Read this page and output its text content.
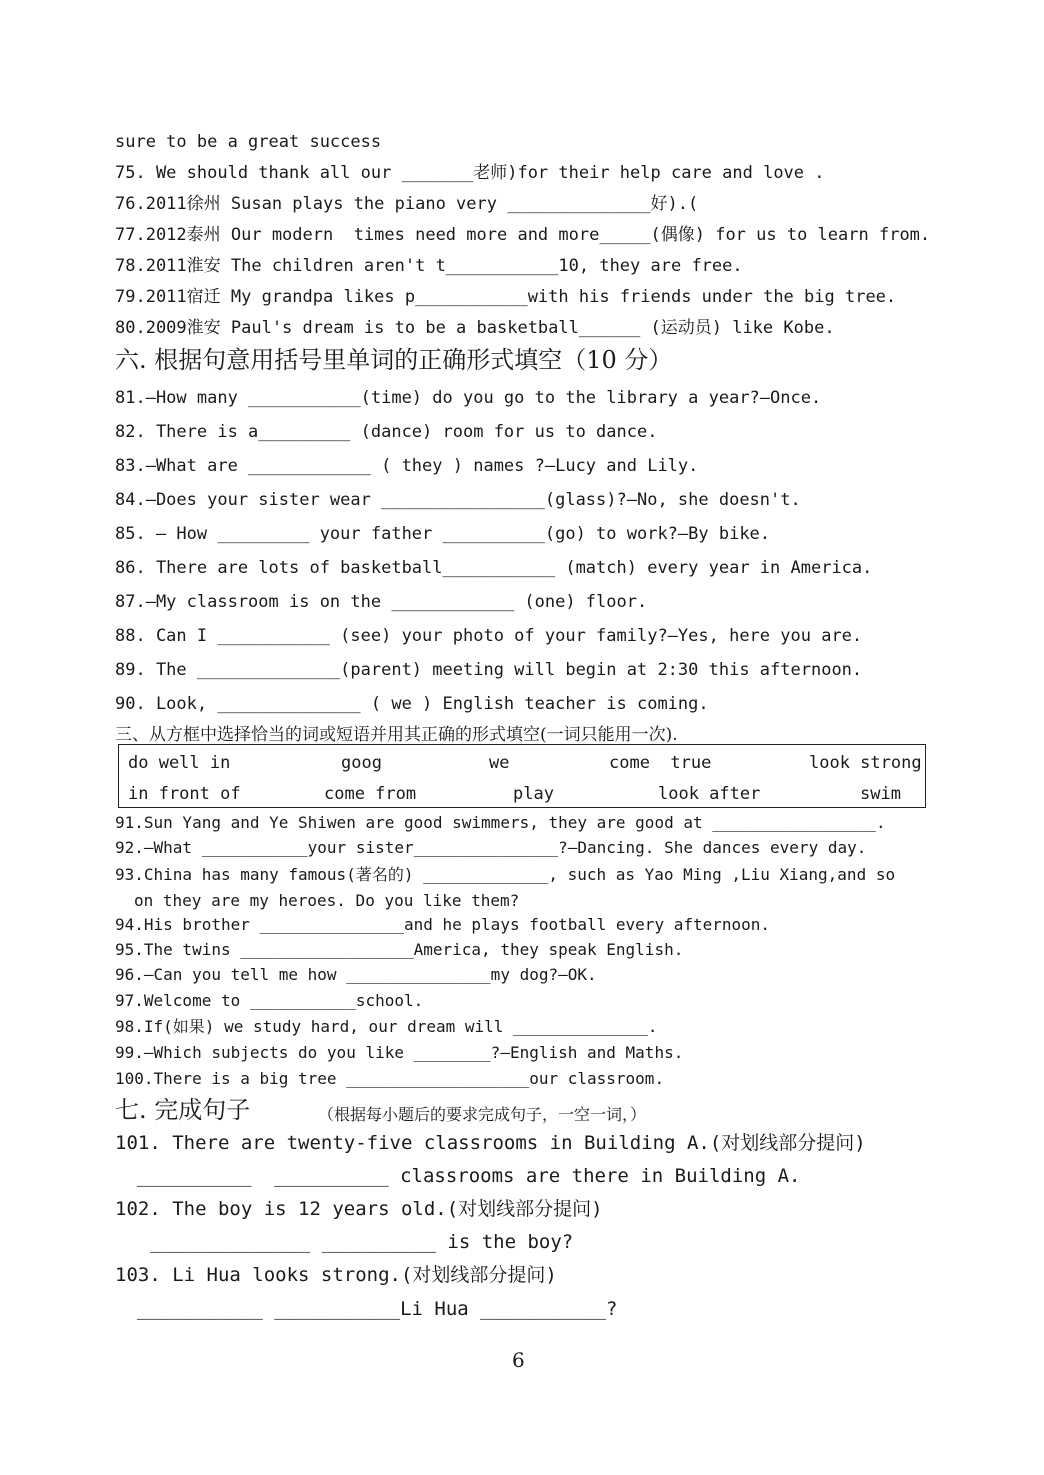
sure to be a great success
75. We should thank all our _______老师)for their help care and love .
76.2011徐州 Susan plays the piano very ______________好).(
77.2012泰州 Our modern  times need more and more_____(偶像) for us to learn from.
78.2011淮安 The children aren't t___________10, they are free.
79.2011宿迁 My grandpa likes p___________with his friends under the big tree.
80.2009淮安 Paul's dream is to be a basketball______ (运动员) like Kobe.
六. 根据句意用括号里单词的正确形式填空（10 分）
81.—How many ___________(time) do you go to the library a year?—Once.
82. There is a_________ (dance) room for us to dance.
83.—What are ____________ ( they ) names ?—Lucy and Lily.
84.—Does your sister wear ________________(glass)?—No, she doesn't.
85. — How _________ your father __________(go) to work?—By bike.
86. There are lots of basketball___________ (match) every year in America.
87.—My classroom is on the ____________ (one) floor.
88. Can I ___________ (see) your photo of your family?—Yes, here you are.
89. The ______________(parent) meeting will begin at 2:30 this afternoon.
90. Look, ______________ ( we ) English teacher is coming.
三、从方框中选择恰当的词或短语并用其正确的形式填空(一词只能用一次).
do well in	goog	we	come  true	look strong
in front of	come from	play	look after	swim
91.Sun Yang and Ye Shiwen are good swimmers, they are good at _________________.
92.—What ___________your sister_______________?—Dancing. She dances every day.
93.China has many famous(著名的) _____________, such as Yao Ming ,Liu Xiang,and so
on they are my heroes. Do you like them?
94.His brother _______________and he plays football every afternoon.
95.The twins __________________America, they speak English.
96.—Can you tell me how _______________my dog?—OK.
97.Welcome to ___________school.
98.If(如果) we study hard, our dream will ______________.
99.—Which subjects do you like ________?—English and Maths.
100.There is a big tree ___________________our classroom.
七. 完成句子	（根据每小题后的要求完成句子，一空一词，）
101. There are twenty-five classrooms in Building A.(对划线部分提问)
__________  __________ classrooms are there in Building A.
102. The boy is 12 years old.(对划线部分提问)
______________ __________ is the boy?
103. Li Hua looks strong.(对划线部分提问)
___________ ___________Li Hua ___________?
6
